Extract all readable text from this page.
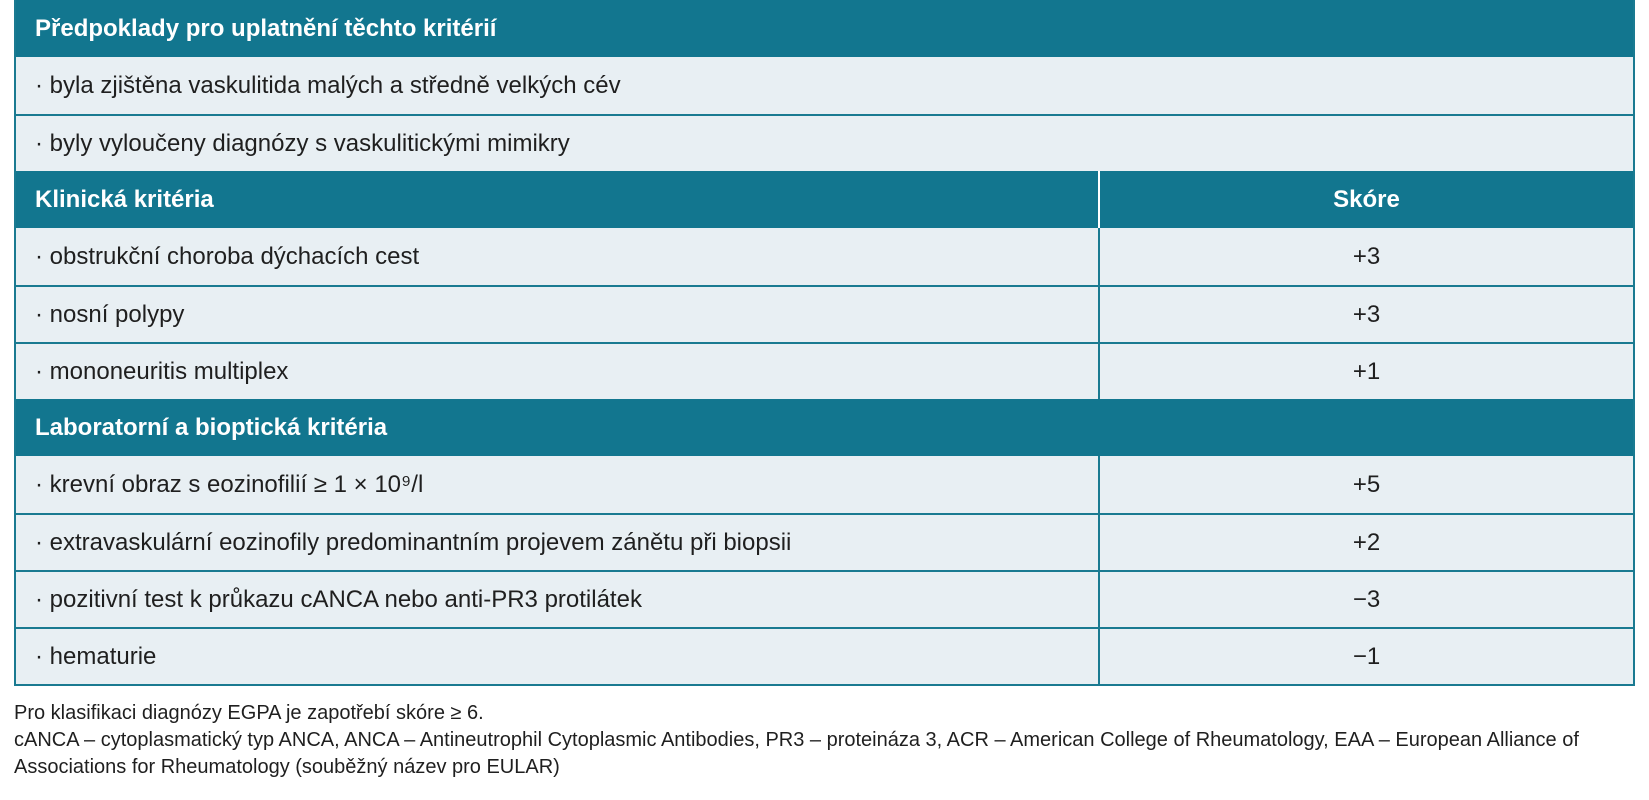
Předpoklady pro uplatnění těchto kritérií
· byla zjištěna vaskulitida malých a středně velkých cév
· byly vyloučeny diagnózy s vaskulitickými mimikry
Klinická kritéria	Skóre
· obstrukční choroba dýchacích cest	+3
· nosní polypy	+3
· mononeuritis multiplex	+1
Laboratorní a bioptická kritéria
· krevní obraz s eozinofilií ≥ 1 × 10⁹/l	+5
· extravaskulární eozinofily predominantním projevem zánětu při biopsii	+2
· pozitivní test k průkazu cANCA nebo anti-PR3 protilátek	−3
· hematurie	−1

Pro klasifikaci diagnózy EGPA je zapotřebí skóre ≥ 6.

cANCA – cytoplasmatický typ ANCA, ANCA – Antineutrophil Cytoplasmic Antibodies, PR3 – proteináza 3, ACR – American College of Rheumatology, EAA – European Alliance of Associations for Rheumatology (souběžný název pro EULAR)
